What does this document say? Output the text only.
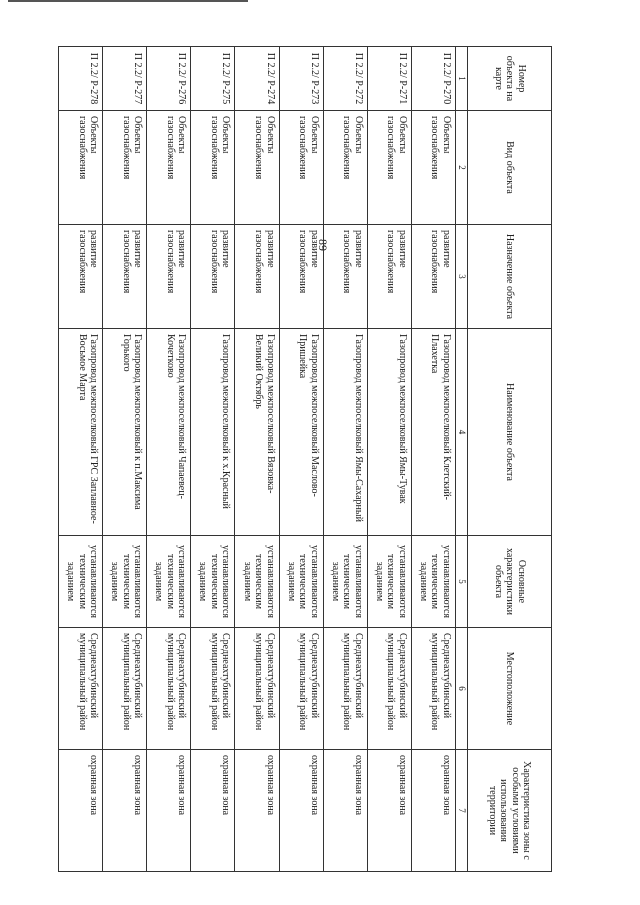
89
Номер объекта на карте	Вид объекта	Назначение объекта	Наименование объекта	Основные характеристики объекта	Местоположение	Характеристика зоны с особыми условиями использования территории
1	2	3	4	5	6	7
П 2.2/ Р-270	Объекты газоснабжения	развитие газоснабжения	Газопровод межпоселковый Клетский-Плахетка	устанавливаются техническим заданием	Среднеахтубинский муниципальный район	охранная зона
П 2.2/ Р-271	Объекты газоснабжения	развитие газоснабжения	Газопровод межпоселковый Ямы-Тувак	устанавливаются техническим заданием	Среднеахтубинский муниципальный район	охранная зона
П 2.2/ Р-272	Объекты газоснабжения	развитие газоснабжения	Газопровод межпоселковый Ямы-Сахарный	устанавливаются техническим заданием	Среднеахтубинский муниципальный район	охранная зона
П 2.2/ Р-273	Объекты газоснабжения	развитие газоснабжения	Газопровод межпоселковый Маслово-Пришейка	устанавливаются техническим заданием	Среднеахтубинский муниципальный район	охранная зона
П 2.2/ Р-274	Объекты газоснабжения	развитие газоснабжения	Газопровод межпоселковый Вязовка-Великий Октябрь	устанавливаются техническим заданием	Среднеахтубинский муниципальный район	охранная зона
П 2.2/ Р-275	Объекты газоснабжения	развитие газоснабжения	Газопровод межпоселковый к х.Красный	устанавливаются техническим заданием	Среднеахтубинский муниципальный район	охранная зона
П 2.2/ Р-276	Объекты газоснабжения	развитие газоснабжения	Газопровод межпоселковый Чапаевец-Кочетково	устанавливаются техническим заданием	Среднеахтубинский муниципальный район	охранная зона
П 2.2/ Р-277	Объекты газоснабжения	развитие газоснабжения	Газопровод межпоселковый к п.Максима Горького	устанавливаются техническим заданием	Среднеахтубинский муниципальный район	охранная зона
П 2.2/ Р-278	Объекты газоснабжения	развитие газоснабжения	Газопровод межпоселковый ГРС Заплавное-Восьмое Марта	устанавливаются техническим заданием	Среднеахтубинский муниципальный район	охранная зона
